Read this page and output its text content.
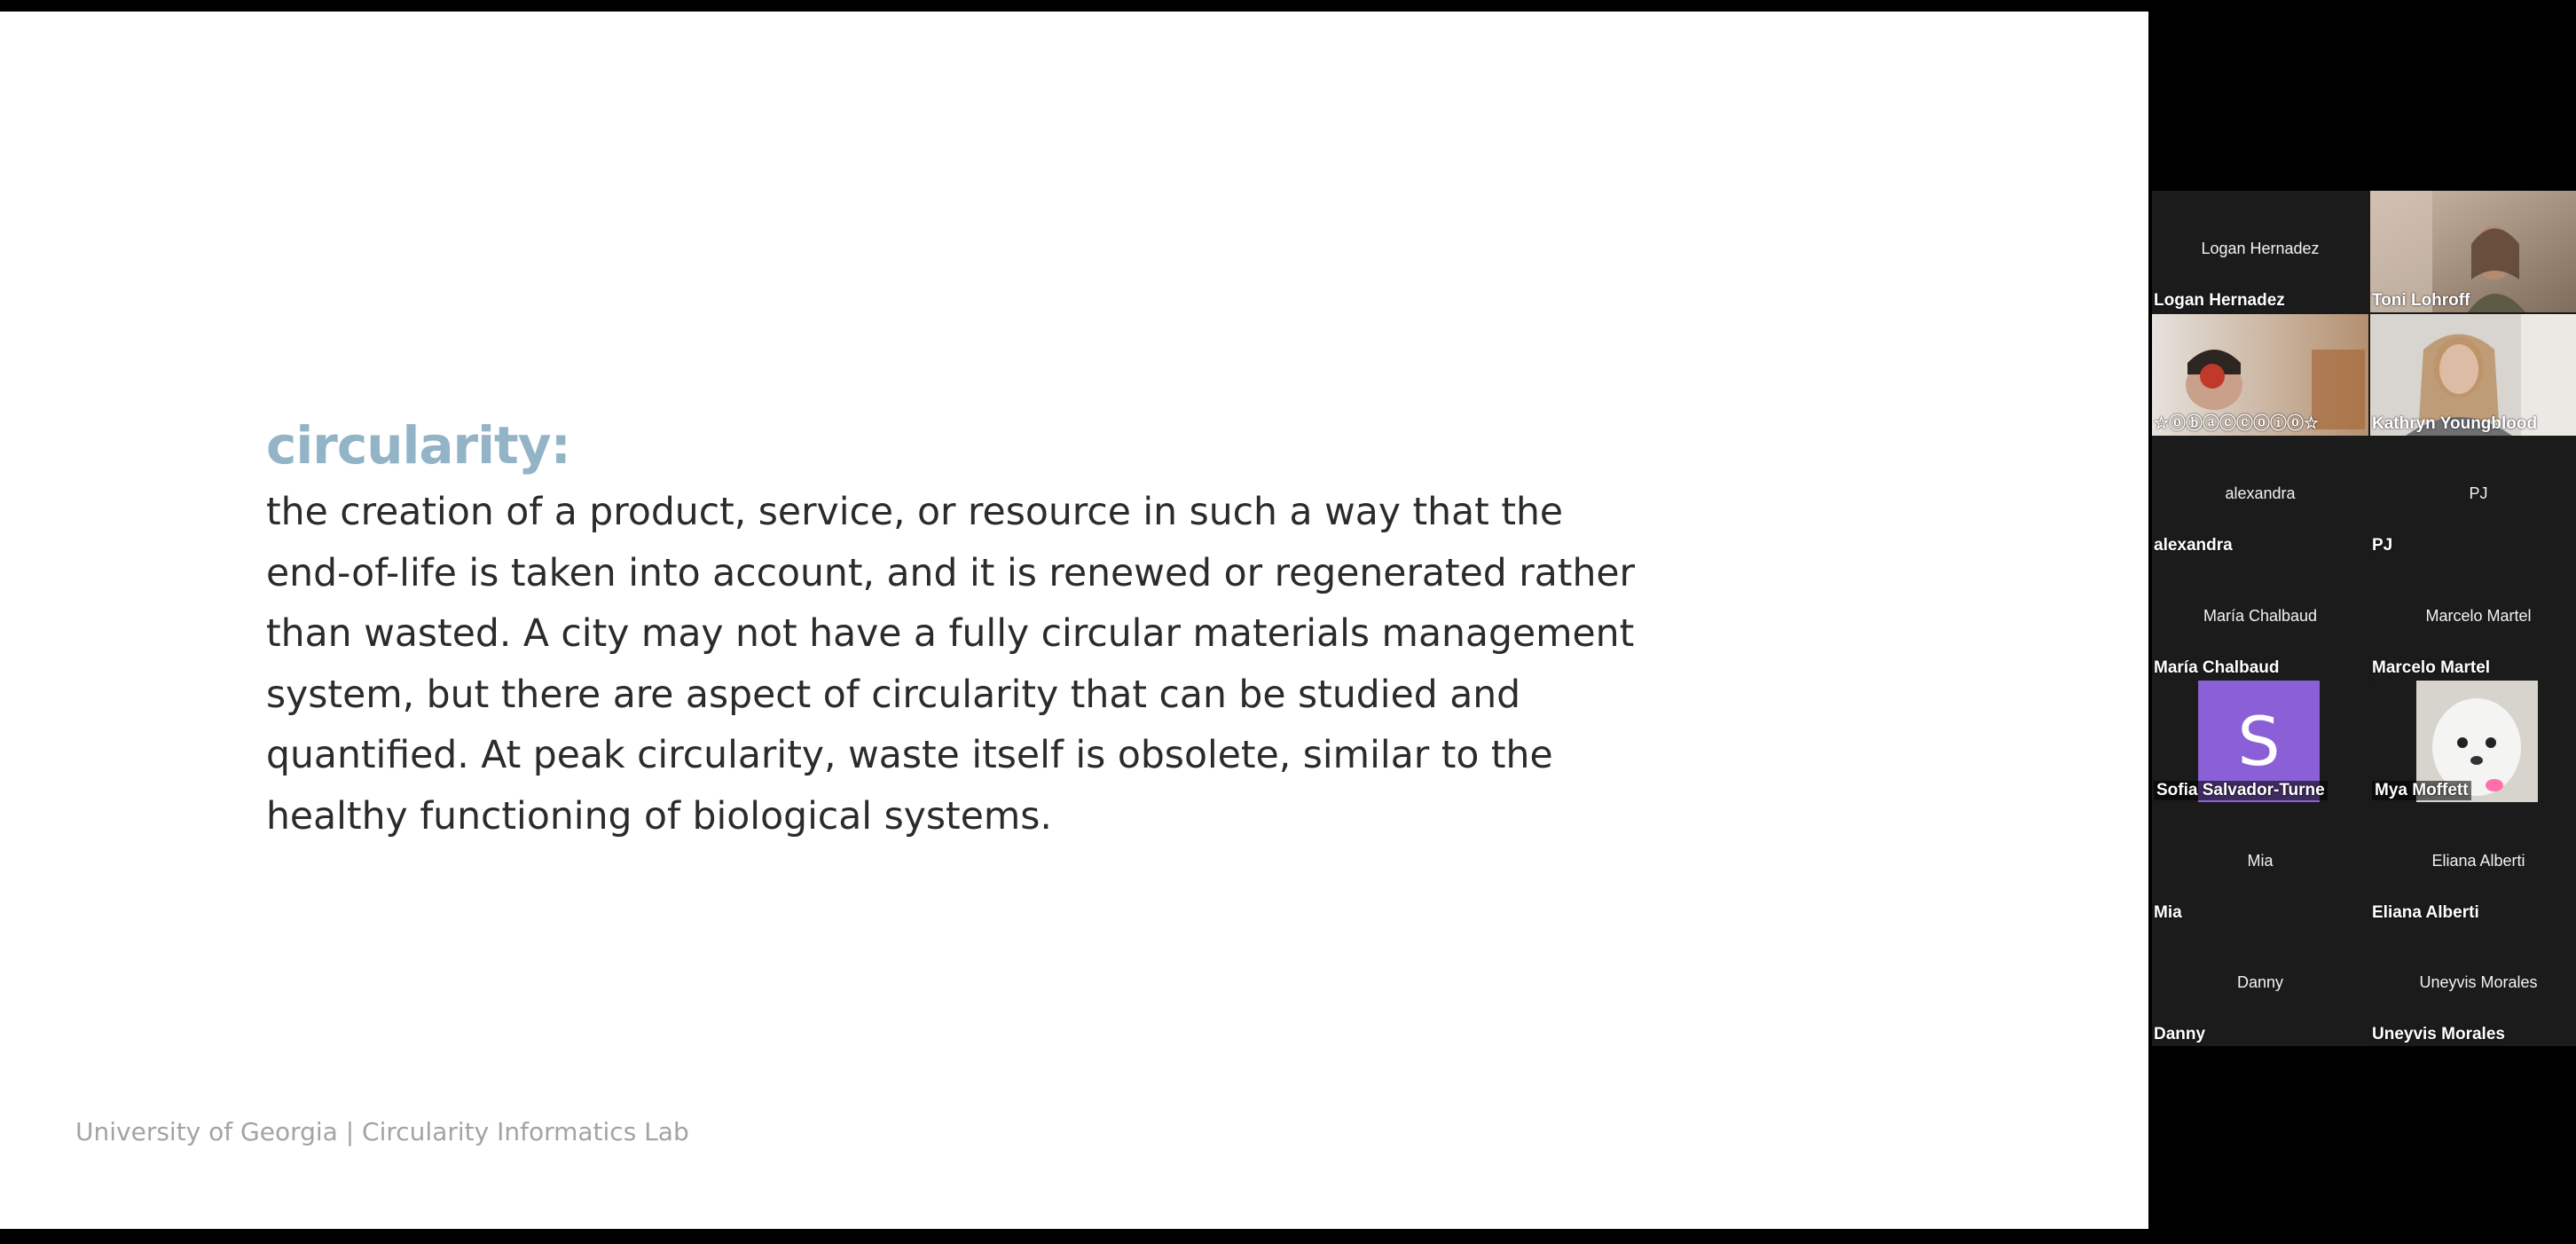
circularity:
the creation of a product, service, or resource in such a way that the
end-of-life is taken into account, and it is renewed or regenerated rather
than wasted. A city may not have a fully circular materials management
system, but there are aspect of circularity that can be studied and
quantified. At peak circularity, waste itself is obsolete, similar to the
healthy functioning of biological systems.
University of Georgia | Circularity Informatics Lab
Logan Hernadez
Logan Hernadez	Toni Lohroff
☆ⓞⓑⓐⓒⓒⓞⓘⓞ☆	Kathryn Youngblood
alexandra
alexandra
PJ
PJ
María Chalbaud
María Chalbaud
Marcelo Martel
Marcelo Martel
S
Sofia Salvador-Turne	Mya Moffett
Mia
Mia
Eliana Alberti
Eliana Alberti
Danny
Danny
Uneyvis Morales
Uneyvis Morales
